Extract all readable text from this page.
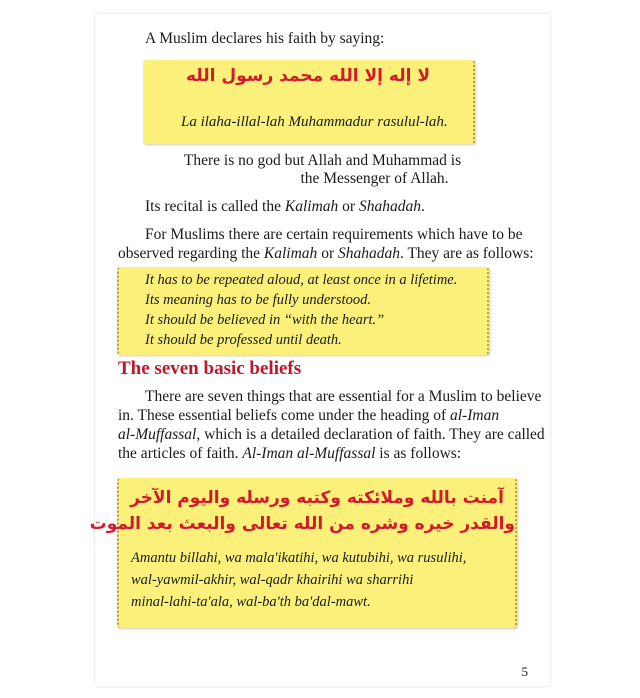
A Muslim declares his faith by saying:

لا إله إلا الله محمد رسول الله

La ilaha-illal-lah Muhammadur rasulul-lah.

There is no god but Allah and Muhammad is

the Messenger of Allah.

Its recital is called the Kalimah or Shahadah.

For Muslims there are certain requirements which have to be

observed regarding the Kalimah or Shahadah. They are as follows:

It has to be repeated aloud, at least once in a lifetime.

Its meaning has to be fully understood.

It should be believed in “with the heart.”

It should be professed until death.

The seven basic beliefs

There are seven things that are essential for a Muslim to believe

in. These essential beliefs come under the heading of al-Iman

al-Muffassal, which is a detailed declaration of faith. They are called

the articles of faith. Al-Iman al-Muffassal is as follows:

آمنت بالله وملائكته وكتبه ورسله واليوم الآخر

والقدر خيره وشره من الله تعالى والبعث بعد الموت

Amantu billahi, wa mala'ikatihi, wa kutubihi, wa rusulihi,

wal-yawmil-akhir, wal-qadr khairihi wa sharrihi

minal-lahi-ta'ala, wal-ba'th ba'dal-mawt.

5
